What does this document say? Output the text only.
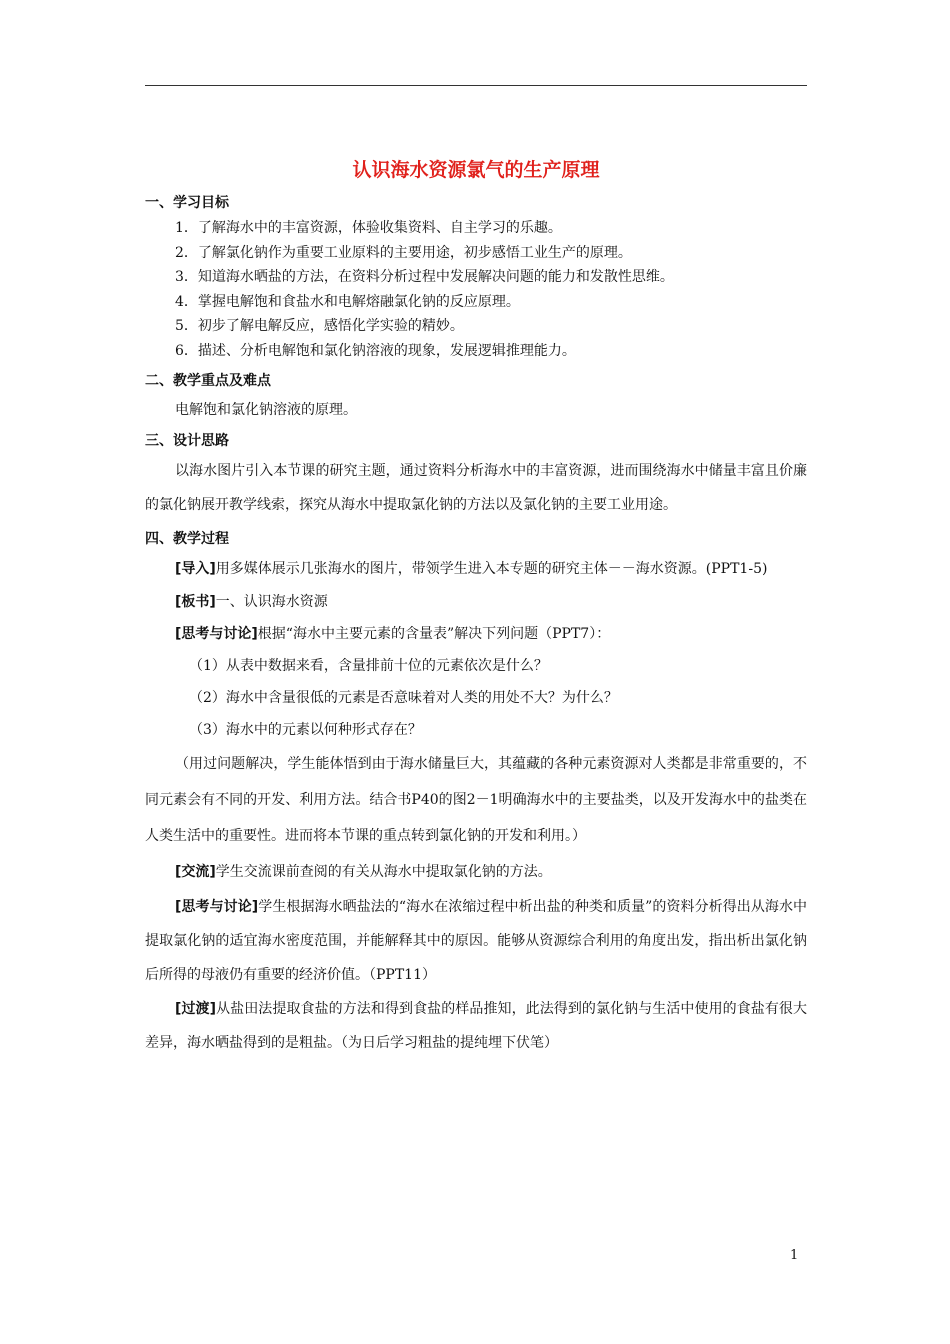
认识海水资源氯气的生产原理

一、学习目标

1．了解海水中的丰富资源，体验收集资料、自主学习的乐趣。
2．了解氯化钠作为重要工业原料的主要用途，初步感悟工业生产的原理。
3．知道海水晒盐的方法，在资料分析过程中发展解决问题的能力和发散性思维。
4．掌握电解饱和食盐水和电解熔融氯化钠的反应原理。
5．初步了解电解反应，感悟化学实验的精妙。
6．描述、分析电解饱和氯化钠溶液的现象，发展逻辑推理能力。

二、教学重点及难点

电解饱和氯化钠溶液的原理。

三、设计思路

以海水图片引入本节课的研究主题，通过资料分析海水中的丰富资源，进而围绕海水中储量丰富且价廉的氯化钠展开教学线索，探究从海水中提取氯化钠的方法以及氯化钠的主要工业用途。

四、教学过程

[导入]用多媒体展示几张海水的图片，带领学生进入本专题的研究主体－－海水资源。(PPT1-5)

[板书]一、认识海水资源

[思考与讨论]根据“海水中主要元素的含量表”解决下列问题（PPT7）：

（1）从表中数据来看，含量排前十位的元素依次是什么？

（2）海水中含量很低的元素是否意味着对人类的用处不大？为什么？

（3）海水中的元素以何种形式存在？

（用过问题解决，学生能体悟到由于海水储量巨大，其蕴藏的各种元素资源对人类都是非常重要的，不同元素会有不同的开发、利用方法。结合书P40的图2－1明确海水中的主要盐类，以及开发海水中的盐类在人类生活中的重要性。进而将本节课的重点转到氯化钠的开发和利用。）

[交流]学生交流课前查阅的有关从海水中提取氯化钠的方法。

[思考与讨论]学生根据海水晒盐法的“海水在浓缩过程中析出盐的种类和质量”的资料分析得出从海水中提取氯化钠的适宜海水密度范围，并能解释其中的原因。能够从资源综合利用的角度出发，指出析出氯化钠后所得的母液仍有重要的经济价值。（PPT11）

[过渡]从盐田法提取食盐的方法和得到食盐的样品推知，此法得到的氯化钠与生活中使用的食盐有很大差异，海水晒盐得到的是粗盐。（为日后学习粗盐的提纯埋下伏笔）

1
